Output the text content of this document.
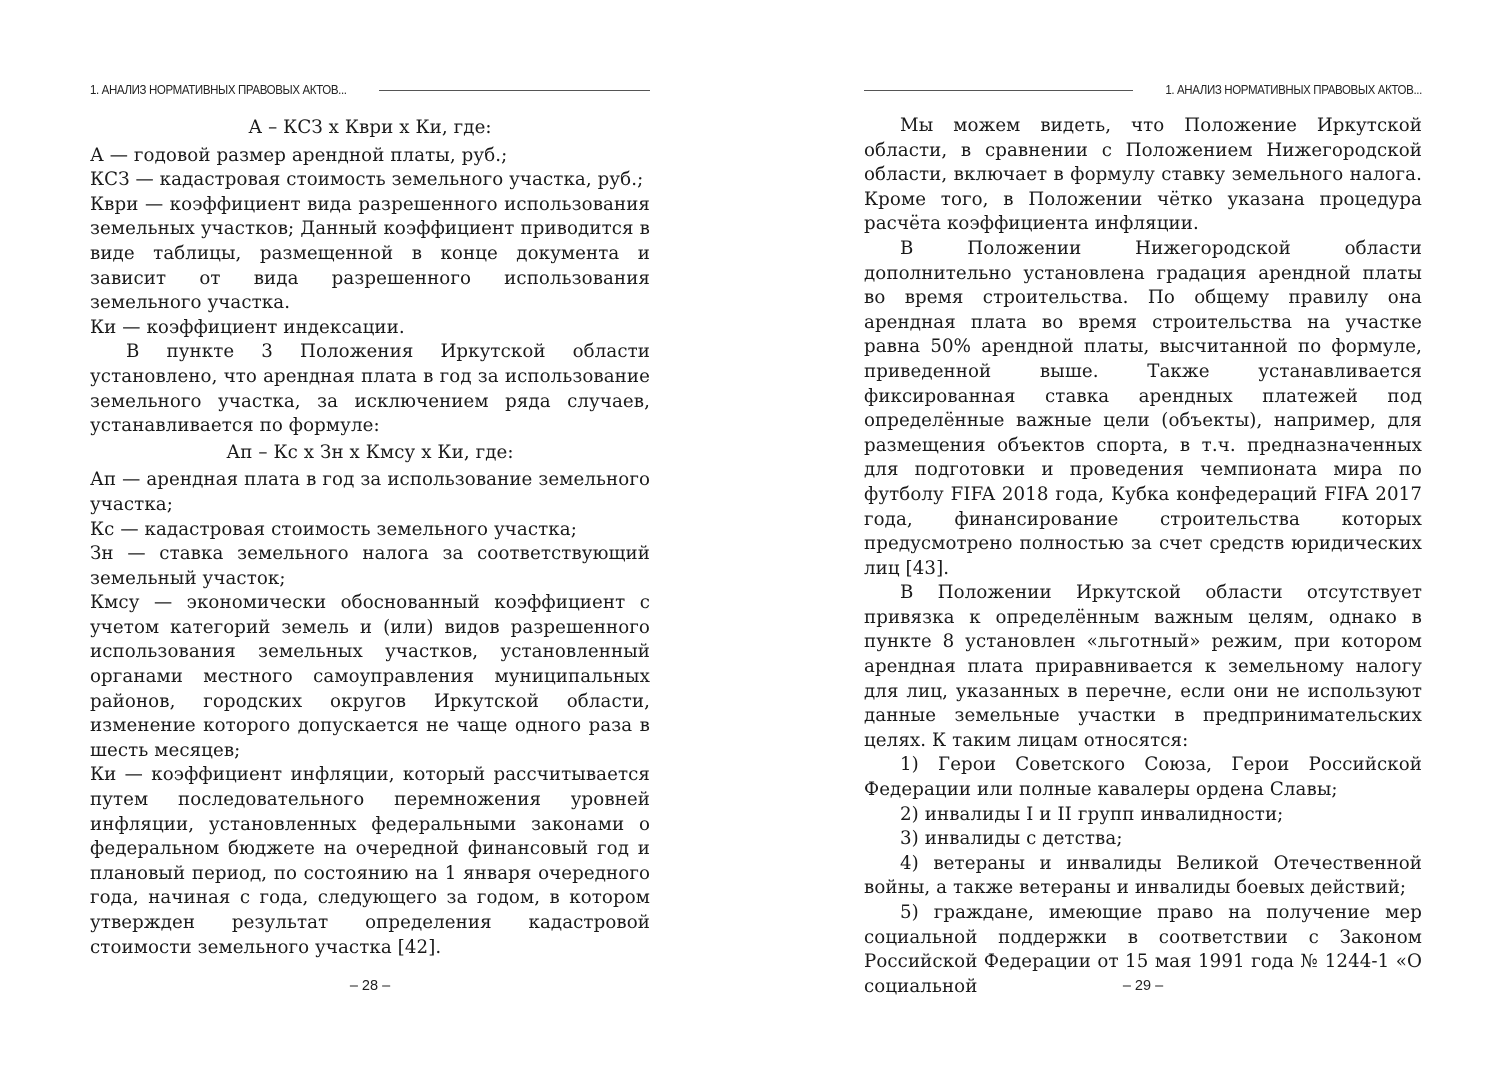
1. АНАЛИЗ НОРМАТИВНЫХ ПРАВОВЫХ АКТОВ...

А – КСЗ х Кври х Ки, где:

А — годовой размер арендной платы, руб.;

КСЗ — кадастровая стоимость земельного участка, руб.;

Кври — коэффициент вида разрешенного использования земельных участков; Данный коэффициент приводится в виде таблицы, размещенной в конце документа и зависит от вида разрешенного использования земельного участка.

Ки — коэффициент индексации.

В пункте 3 Положения Иркутской области установлено, что арендная плата в год за использование земельного участка, за исключением ряда случаев, устанавливается по формуле:

Ап – Кс х Зн х Кмсу х Ки, где:

Ап — арендная плата в год за использование земельного участка;

Кс — кадастровая стоимость земельного участка;

Зн — ставка земельного налога за соответствующий земельный участок;

Кмсу — экономически обоснованный коэффициент с учетом категорий земель и (или) видов разрешенного использования земельных участков, установленный органами местного самоуправления муниципальных районов, городских округов Иркутской области, изменение которого допускается не чаще одного раза в шесть месяцев;

Ки — коэффициент инфляции, который рассчитывается путем последовательного перемножения уровней инфляции, установленных федеральными законами о федеральном бюджете на очередной финансовый год и плановый период, по состоянию на 1 января очередного года, начиная с года, следующего за годом, в котором утвержден результат определения кадастровой стоимости земельного участка [42].

– 28 –
1. АНАЛИЗ НОРМАТИВНЫХ ПРАВОВЫХ АКТОВ...

Мы можем видеть, что Положение Иркутской области, в сравнении с Положением Нижегородской области, включает в формулу ставку земельного налога. Кроме того, в Положении чётко указана процедура расчёта коэффициента инфляции.

В Положении Нижегородской области дополнительно установлена градация арендной платы во время строительства. По общему правилу она арендная плата во время строительства на участке равна 50% арендной платы, высчитанной по формуле, приведенной выше. Также устанавливается фиксированная ставка арендных платежей под определённые важные цели (объекты), например, для размещения объектов спорта, в т.ч. предназначенных для подготовки и проведения чемпионата мира по футболу FIFA 2018 года, Кубка конфедераций FIFA 2017 года, финансирование строительства которых предусмотрено полностью за счет средств юридических лиц [43].

В Положении Иркутской области отсутствует привязка к определённым важным целям, однако в пункте 8 установлен «льготный» режим, при котором арендная плата приравнивается к земельному налогу для лиц, указанных в перечне, если они не используют данные земельные участки в предпринимательских целях. К таким лицам относятся:

1) Герои Советского Союза, Герои Российской Федерации или полные кавалеры ордена Славы;

2) инвалиды I и II групп инвалидности;

3) инвалиды с детства;

4) ветераны и инвалиды Великой Отечественной войны, а также ветераны и инвалиды боевых действий;

5) граждане, имеющие право на получение мер социальной поддержки в соответствии с Законом Российской Федерации от 15 мая 1991 года № 1244-1 «О социальной	– 29 –
